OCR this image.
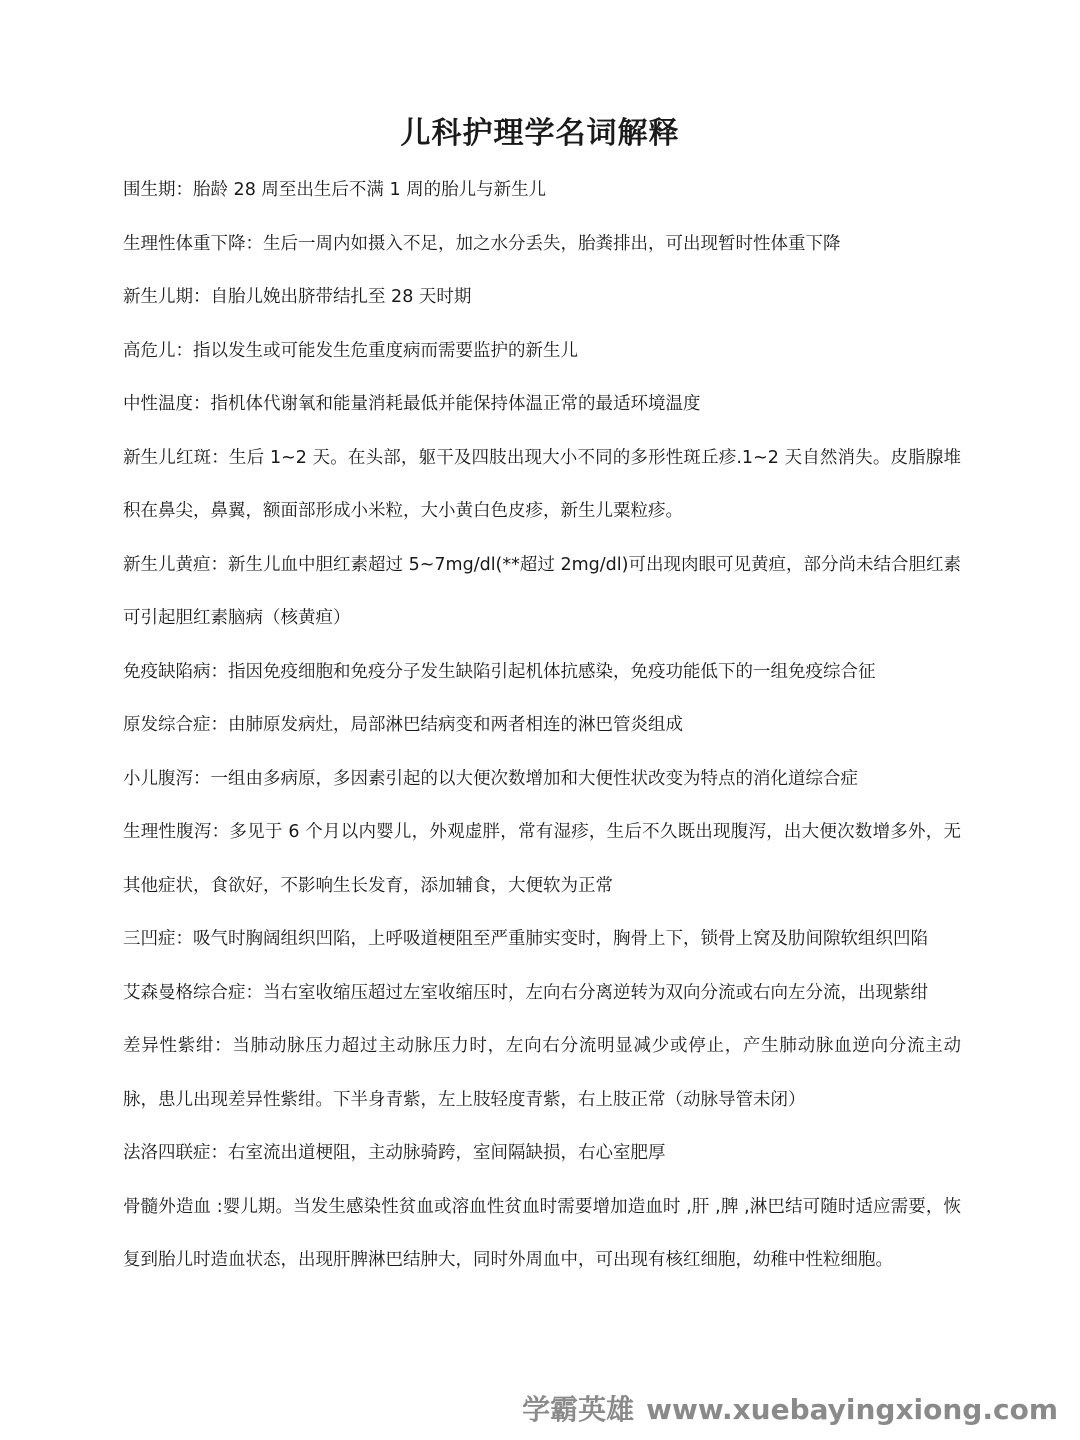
儿科护理学名词解释
围生期：胎龄 28 周至出生后不满 1 周的胎儿与新生儿
生理性体重下降：生后一周内如摄入不足，加之水分丢失，胎粪排出，可出现暂时性体重下降
新生儿期：自胎儿娩出脐带结扎至 28 天时期
高危儿：指以发生或可能发生危重度病而需要监护的新生儿
中性温度：指机体代谢氧和能量消耗最低并能保持体温正常的最适环境温度
新生儿红斑：生后 1~2 天。在头部，躯干及四肢出现大小不同的多形性斑丘疹.1~2 天自然消失。皮脂腺堆积在鼻尖，鼻翼，额面部形成小米粒，大小黄白色皮疹，新生儿粟粒疹。
新生儿黄疸：新生儿血中胆红素超过 5~7mg/dl(**超过 2mg/dl)可出现肉眼可见黄疸，部分尚未结合胆红素可引起胆红素脑病（核黄疸）
免疫缺陷病：指因免疫细胞和免疫分子发生缺陷引起机体抗感染，免疫功能低下的一组免疫综合征
原发综合症：由肺原发病灶，局部淋巴结病变和两者相连的淋巴管炎组成
小儿腹泻：一组由多病原，多因素引起的以大便次数增加和大便性状改变为特点的消化道综合症
生理性腹泻：多见于 6 个月以内婴儿，外观虚胖，常有湿疹，生后不久既出现腹泻，出大便次数增多外，无其他症状，食欲好，不影响生长发育，添加辅食，大便软为正常
三凹症：吸气时胸阔组织凹陷，上呼吸道梗阻至严重肺实变时，胸骨上下，锁骨上窝及肋间隙软组织凹陷
艾森曼格综合症：当右室收缩压超过左室收缩压时，左向右分离逆转为双向分流或右向左分流，出现紫绀
差异性紫绀：当肺动脉压力超过主动脉压力时，左向右分流明显减少或停止，产生肺动脉血逆向分流主动脉，患儿出现差异性紫绀。下半身青紫，左上肢轻度青紫，右上肢正常（动脉导管未闭）
法洛四联症：右室流出道梗阻，主动脉骑跨，室间隔缺损，右心室肥厚
骨髓外造血 :婴儿期。当发生感染性贫血或溶血性贫血时需要增加造血时 ,肝 ,脾 ,淋巴结可随时适应需要，恢复到胎儿时造血状态，出现肝脾淋巴结肿大，同时外周血中，可出现有核红细胞，幼稚中性粒细胞。
学霸英雄 www.xuebayingxiong.com
